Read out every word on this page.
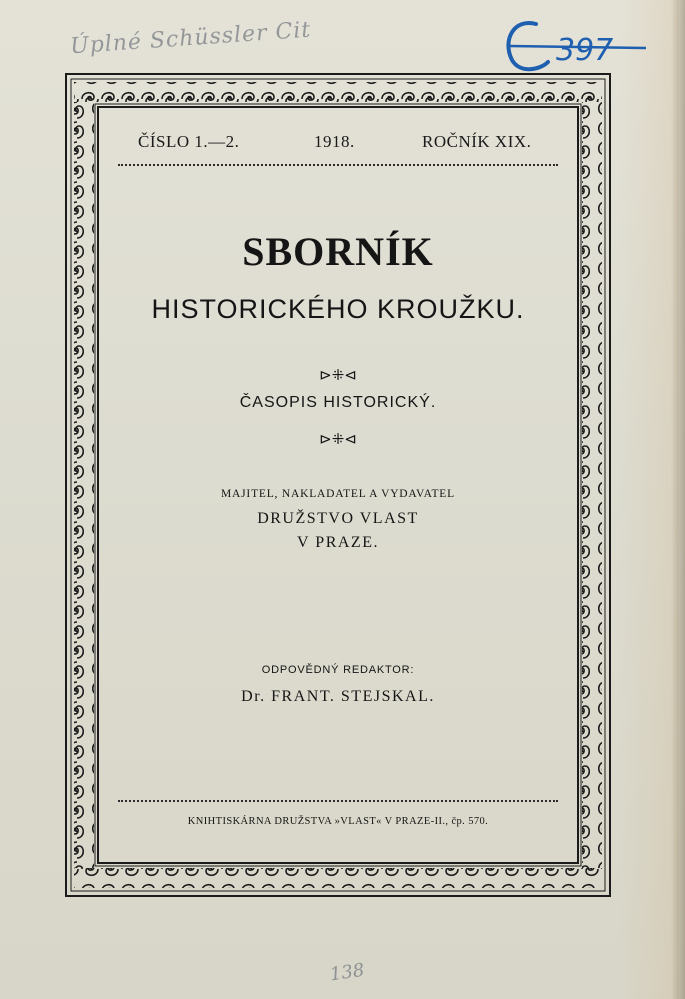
Úplné Schüssler Cit	397
ČÍSLO 1.—2.	1918.	ROČNÍK XIX.
SBORNÍK
HISTORICKÉHO KROUŽKU.
⊳⁜⊲
ČASOPIS HISTORICKÝ.
⊳⁜⊲
MAJITEL, NAKLADATEL A VYDAVATEL
DRUŽSTVO VLAST
V PRAZE.
ODPOVĚDNÝ REDAKTOR:
Dr. FRANT. STEJSKAL.
KNIHTISKÁRNA DRUŽSTVA »VLAST« V PRAZE-II., čp. 570.
138
